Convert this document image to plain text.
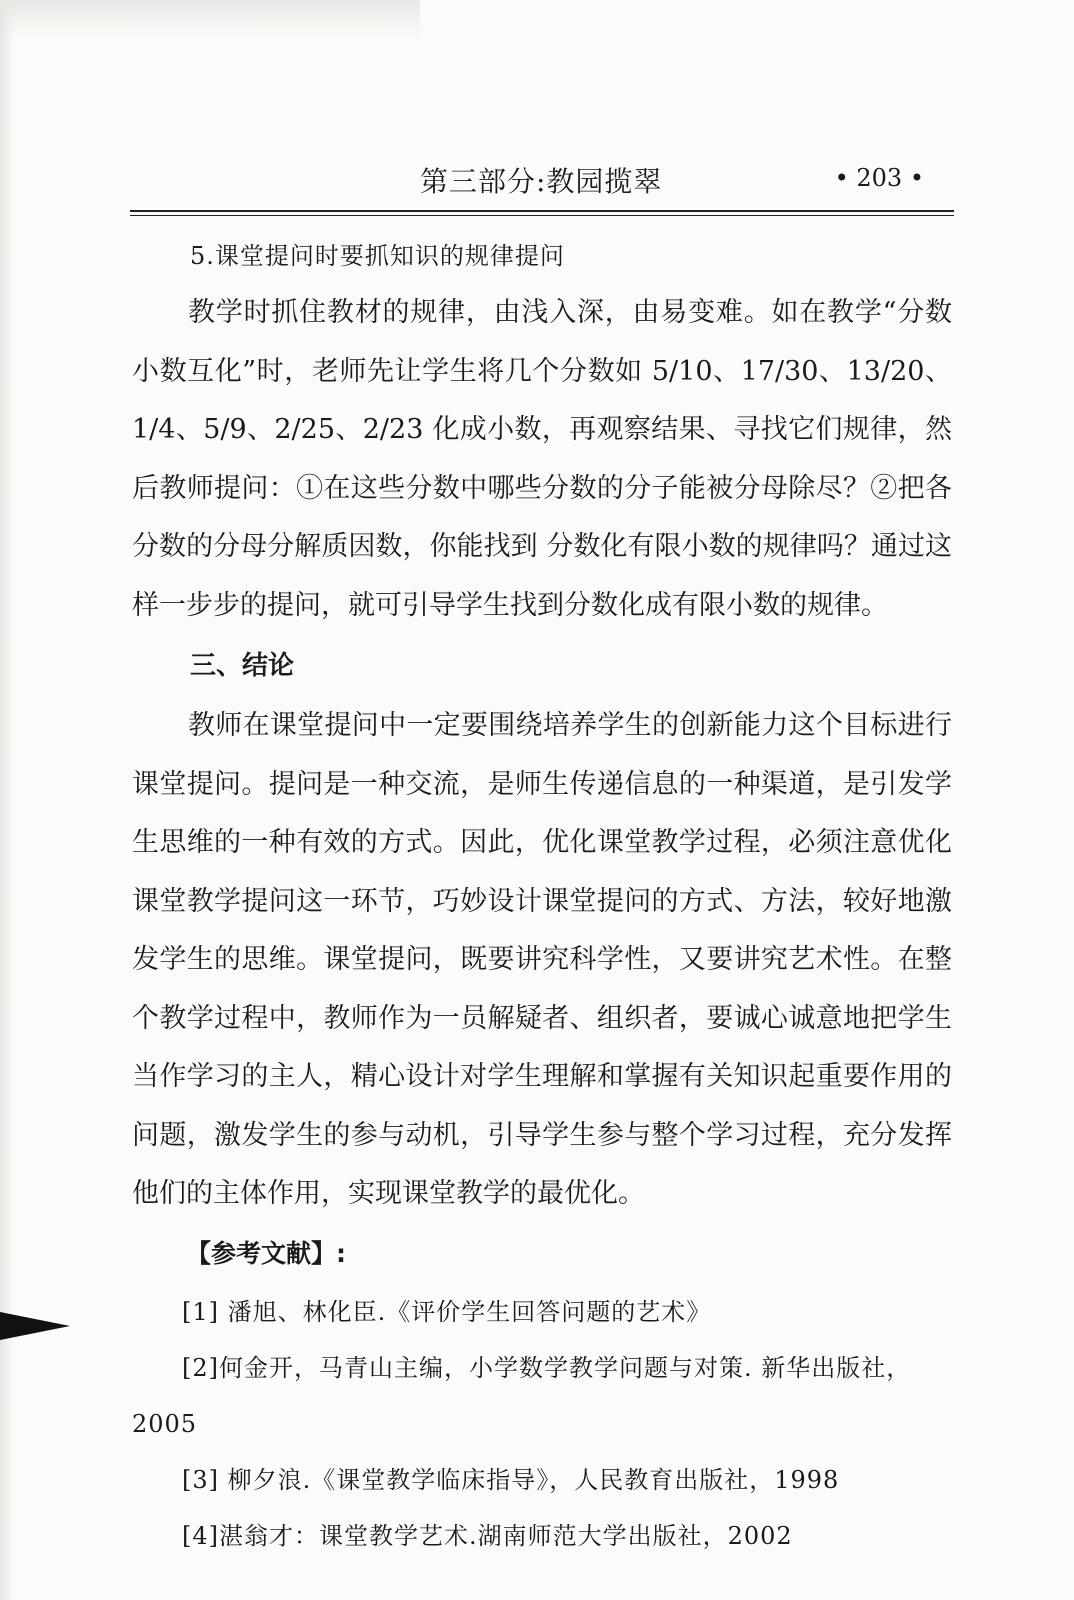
第三部分:教园揽翠	• 203 •
5.课堂提问时要抓知识的规律提问

教学时抓住教材的规律，由浅入深，由易变难。如在教学“分数小数互化”时，老师先让学生将几个分数如 5/10、17/30、13/20、1/4、5/9、2/25、2/23 化成小数，再观察结果、寻找它们规律，然后教师提问：①在这些分数中哪些分数的分子能被分母除尽？②把各分数的分母分解质因数，你能找到 分数化有限小数的规律吗？通过这样一步步的提问，就可引导学生找到分数化成有限小数的规律。

三、结论

教师在课堂提问中一定要围绕培养学生的创新能力这个目标进行课堂提问。提问是一种交流，是师生传递信息的一种渠道，是引发学生思维的一种有效的方式。因此，优化课堂教学过程，必须注意优化课堂教学提问这一环节，巧妙设计课堂提问的方式、方法，较好地激发学生的思维。课堂提问，既要讲究科学性，又要讲究艺术性。在整个教学过程中，教师作为一员解疑者、组织者，要诚心诚意地把学生当作学习的主人，精心设计对学生理解和掌握有关知识起重要作用的问题，激发学生的参与动机，引导学生参与整个学习过程，充分发挥他们的主体作用，实现课堂教学的最优化。

【参考文献】:

[1] 潘旭、林化臣.《评价学生回答问题的艺术》

[2]何金开，马青山主编，小学数学教学问题与对策. 新华出版社，2005

[3] 柳夕浪.《课堂教学临床指导》，人民教育出版社，1998

[4]湛翁才：课堂教学艺术.湖南师范大学出版社，2002
